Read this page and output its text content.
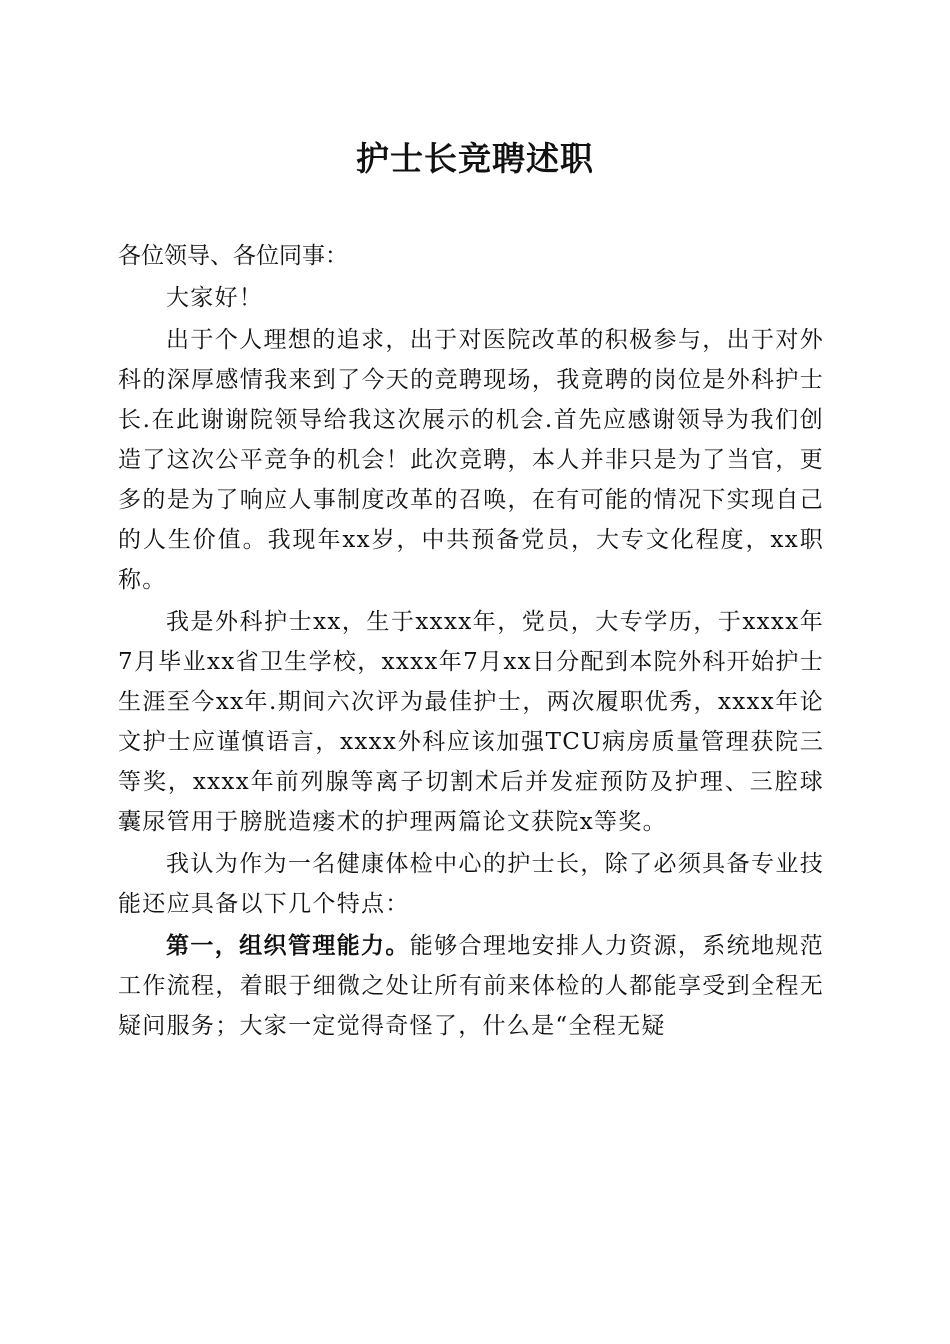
护士长竞聘述职

各位领导、各位同事：

大家好！

出于个人理想的追求，出于对医院改革的积极参与，出于对外科的深厚感情我来到了今天的竞聘现场，我竟聘的岗位是外科护士长.在此谢谢院领导给我这次展示的机会.首先应感谢领导为我们创造了这次公平竞争的机会！此次竞聘，本人并非只是为了当官，更多的是为了响应人事制度改革的召唤，在有可能的情况下实现自己的人生价值。我现年xx岁，中共预备党员，大专文化程度，xx职称。

我是外科护士xx，生于xxxx年，党员，大专学历，于xxxx年7月毕业xx省卫生学校，xxxx年7月xx日分配到本院外科开始护士生涯至今xx年.期间六次评为最佳护士，两次履职优秀，xxxx年论文护士应谨慎语言，xxxx外科应该加强TCU病房质量管理获院三等奖，xxxx年前列腺等离子切割术后并发症预防及护理、三腔球囊尿管用于膀胱造瘘术的护理两篇论文获院x等奖。

我认为作为一名健康体检中心的护士长，除了必须具备专业技能还应具备以下几个特点：

第一，组织管理能力。能够合理地安排人力资源，系统地规范工作流程，着眼于细微之处让所有前来体检的人都能享受到全程无疑问服务；大家一定觉得奇怪了，什么是“全程无疑
